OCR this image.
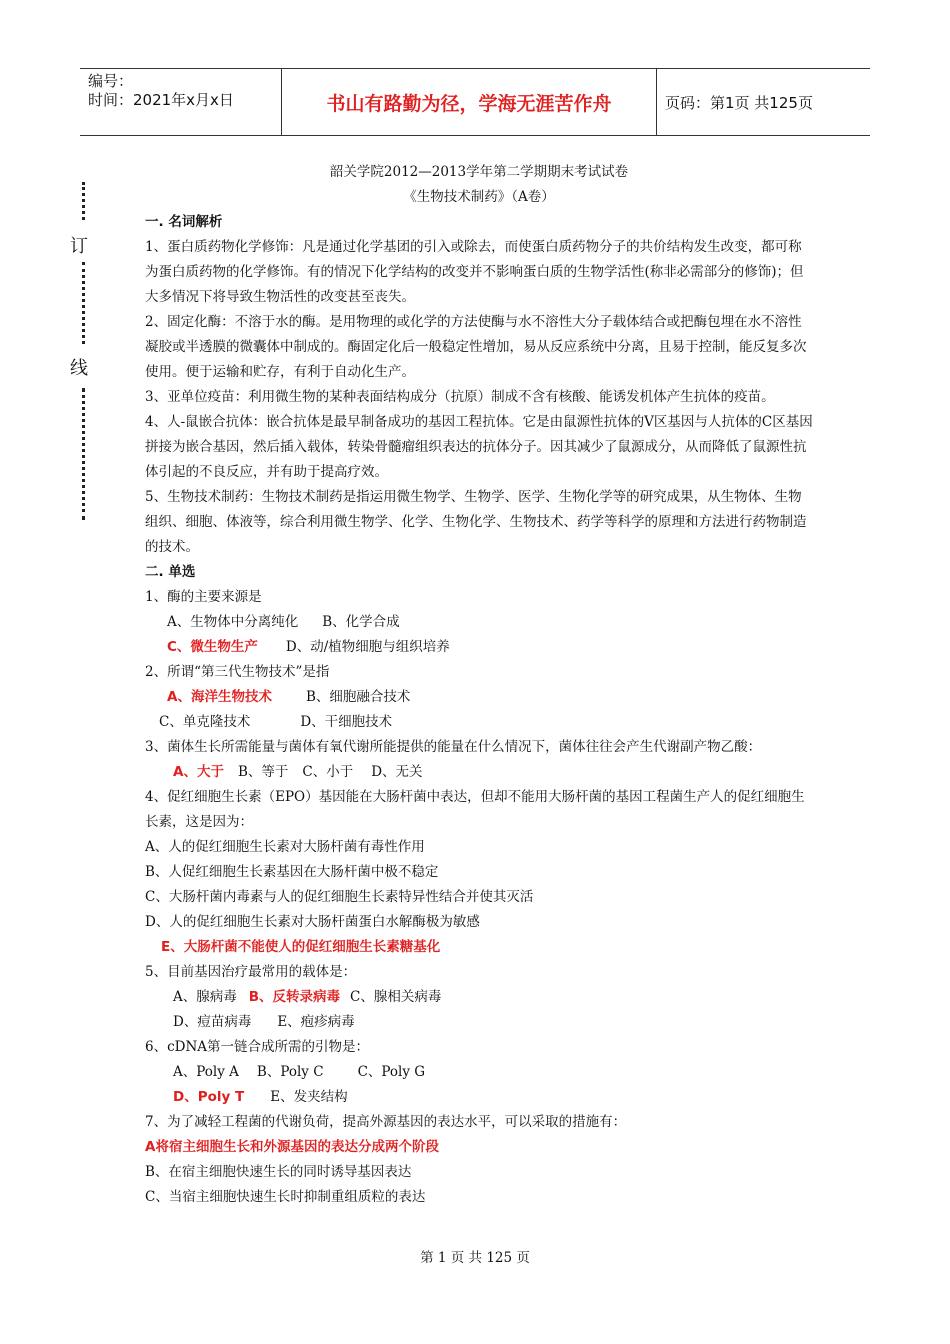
编号：
时间：2021年x月x日	书山有路勤为径，学海无涯苦作舟	页码：第1页 共125页
订
线
韶关学院2012—2013学年第二学期期末考试试卷
《生物技术制药》（A卷）
一. 名词解析

1、蛋白质药物化学修饰：凡是通过化学基团的引入或除去，而使蛋白质药物分子的共价结构发生改变，都可称为蛋白质药物的化学修饰。有的情况下化学结构的改变并不影响蛋白质的生物学活性(称非必需部分的修饰)；但大多情况下将导致生物活性的改变甚至丧失。

2、固定化酶：不溶于水的酶。是用物理的或化学的方法使酶与水不溶性大分子载体结合或把酶包埋在水不溶性凝胶或半透膜的微囊体中制成的。酶固定化后一般稳定性增加，易从反应系统中分离，且易于控制，能反复多次使用。便于运输和贮存，有利于自动化生产。

3、亚单位疫苗：利用微生物的某种表面结构成分（抗原）制成不含有核酸、能诱发机体产生抗体的疫苗。

4、人-鼠嵌合抗体：嵌合抗体是最早制备成功的基因工程抗体。它是由鼠源性抗体的V区基因与人抗体的C区基因拼接为嵌合基因，然后插入载体，转染骨髓瘤组织表达的抗体分子。因其减少了鼠源成分，从而降低了鼠源性抗体引起的不良反应，并有助于提高疗效。

5、生物技术制药：生物技术制药是指运用微生物学、生物学、医学、生物化学等的研究成果，从生物体、生物组织、细胞、体液等，综合利用微生物学、化学、生物化学、生物技术、药学等科学的原理和方法进行药物制造的技术。

二. 单选

1、酶的主要来源是

A、生物体中分离纯化 B、化学合成

C、微生物生产 D、动/植物细胞与组织培养

2、所谓“第三代生物技术”是指

A、海洋生物技术	B、细胞融合技术

C、单克隆技术	D、干细胞技术

3、菌体生长所需能量与菌体有氧代谢所能提供的能量在什么情况下，菌体往往会产生代谢副产物乙酸：

A、大于 B、等于 C、小于 D、无关

4、促红细胞生长素（EPO）基因能在大肠杆菌中表达，但却不能用大肠杆菌的基因工程菌生产人的促红细胞生长素，这是因为：

A、人的促红细胞生长素对大肠杆菌有毒性作用

B、人促红细胞生长素基因在大肠杆菌中极不稳定

C、大肠杆菌内毒素与人的促红细胞生长素特异性结合并使其灭活

D、人的促红细胞生长素对大肠杆菌蛋白水解酶极为敏感

E、大肠杆菌不能使人的促红细胞生长素糖基化

5、目前基因治疗最常用的载体是：

A、腺病毒 B、反转录病毒 C、腺相关病毒

D、痘苗病毒 E、疱疹病毒

6、cDNA第一链合成所需的引物是：

A、Poly A B、Poly C	C、Poly G

D、Poly T E、发夹结构

7、为了减轻工程菌的代谢负荷，提高外源基因的表达水平，可以采取的措施有：

A将宿主细胞生长和外源基因的表达分成两个阶段

B、在宿主细胞快速生长的同时诱导基因表达

C、当宿主细胞快速生长时抑制重组质粒的表达

第 1 页 共 125 页
